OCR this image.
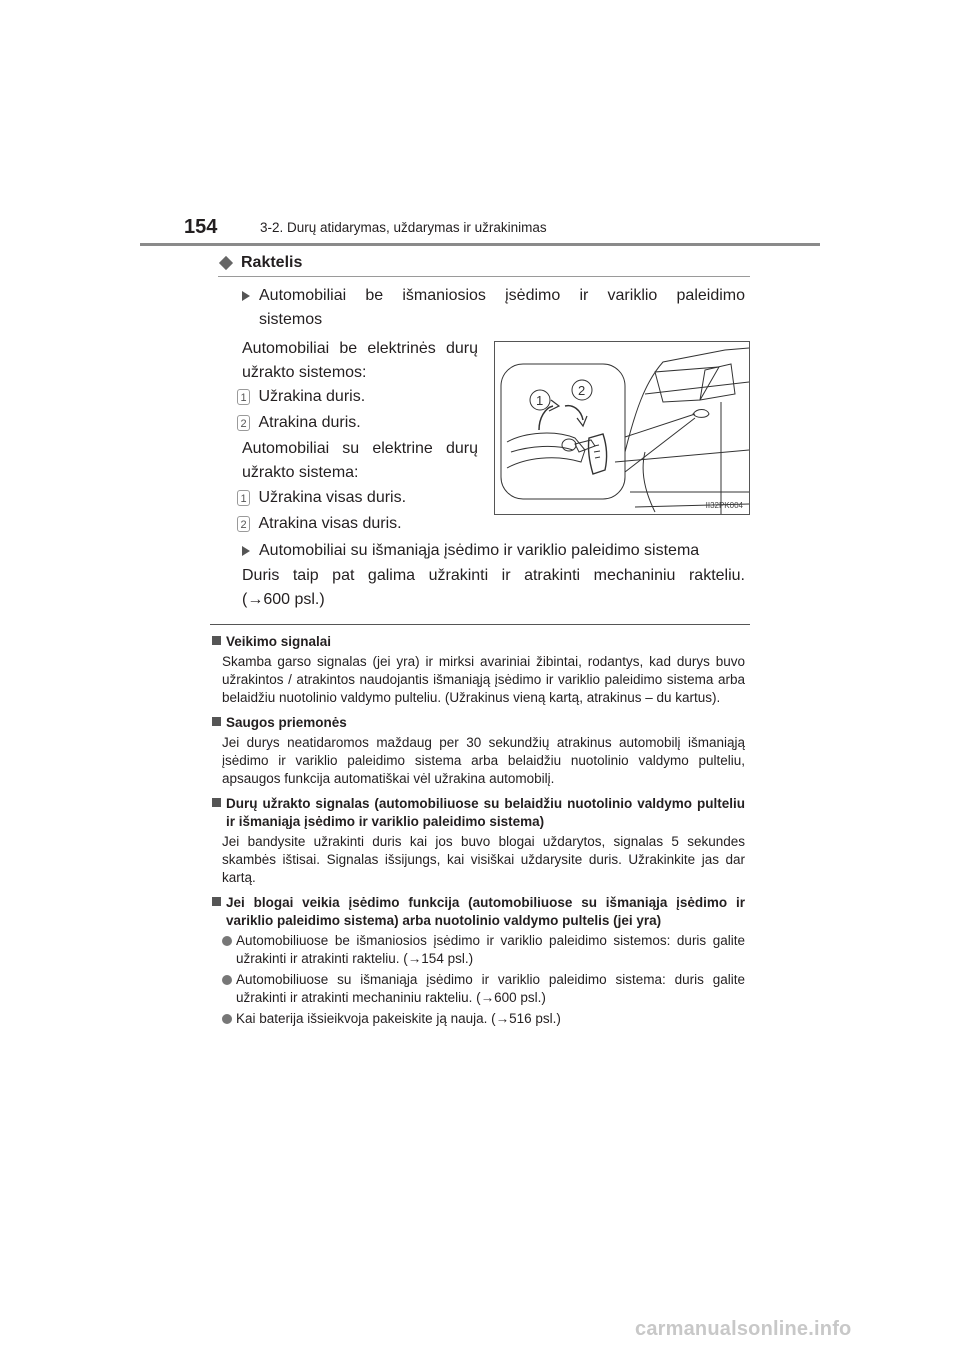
154	3-2. Durų atidarymas, uždarymas ir užrakinimas
Raktelis
Automobiliai be išmaniosios įsėdimo ir variklio paleidimo
sistemos
Automobiliai be elektrinės durų
užrakto sistemos:
1 Užrakina duris.
2 Atrakina duris.
Automobiliai su elektrine durų
užrakto sistema:
1 Užrakina visas duris.
2 Atrakina visas duris.
Automobiliai su išmaniąja įsėdimo ir variklio paleidimo sistema
Duris taip pat galima užrakinti ir atrakinti mechaniniu rakteliu.
(→600 psl.)
1
2
II32PK004
Veikimo signalai
Skamba garso signalas (jei yra) ir mirksi avariniai žibintai, rodantys, kad durys buvo užrakintos / atrakintos naudojantis išmaniąją įsėdimo ir variklio paleidimo sistema arba belaidžiu nuotolinio valdymo pulteliu. (Užrakinus vieną kartą, atrakinus – du kartus).
Saugos priemonės
Jei durys neatidaromos maždaug per 30 sekundžių atrakinus automobilį išmaniąją įsėdimo ir variklio paleidimo sistema arba belaidžiu nuotolinio valdymo pulteliu, apsaugos funkcija automatiškai vėl užrakina automobilį.
Durų užrakto signalas (automobiliuose su belaidžiu nuotolinio valdymo pulteliu ir išmaniąja įsėdimo ir variklio paleidimo sistema)
Jei bandysite užrakinti duris kai jos buvo blogai uždarytos, signalas 5 sekundes skambės ištisai. Signalas išsijungs, kai visiškai uždarysite duris. Užrakinkite jas dar kartą.
Jei blogai veikia įsėdimo funkcija (automobiliuose su išmaniąja įsėdimo ir variklio paleidimo sistema) arba nuotolinio valdymo pultelis (jei yra)
Automobiliuose be išmaniosios įsėdimo ir variklio paleidimo sistemos: duris galite užrakinti ir atrakinti rakteliu. (→154 psl.)
Automobiliuose su išmaniąja įsėdimo ir variklio paleidimo sistema: duris galite užrakinti ir atrakinti mechaniniu rakteliu. (→600 psl.)
Kai baterija išsieikvoja pakeiskite ją nauja. (→516 psl.)
carmanualsonline.info
